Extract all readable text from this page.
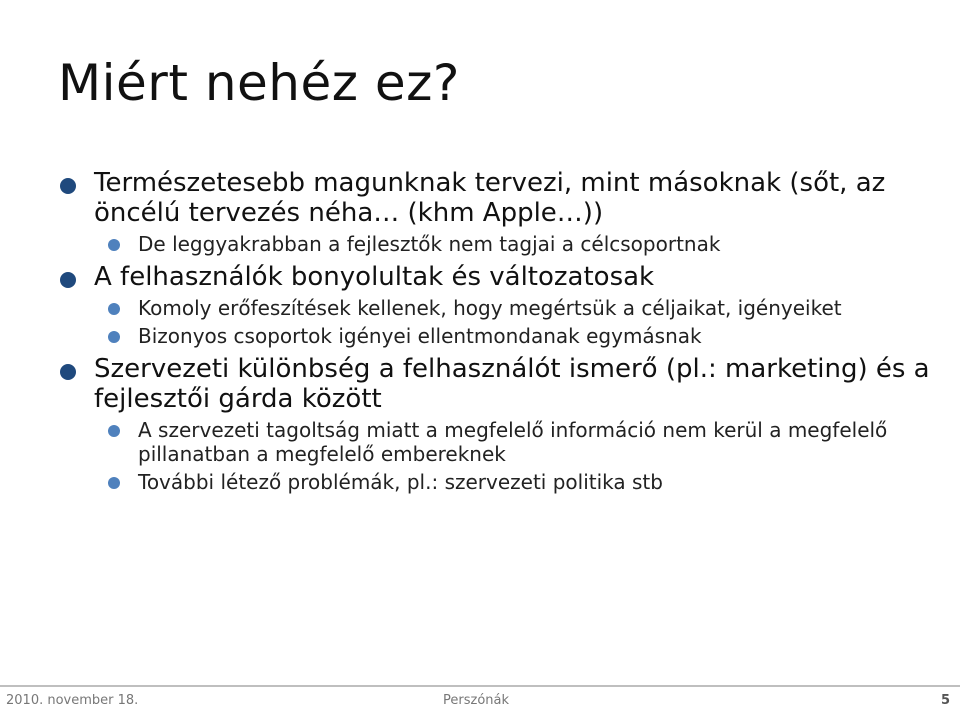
Miért nehéz ez?
Természetesebb magunknak tervezi, mint másoknak (sőt, az öncélú tervezés néha… (khm Apple…))
De leggyakrabban a fejlesztők nem tagjai a célcsoportnak
A felhasználók bonyolultak és változatosak
Komoly erőfeszítések kellenek, hogy megértsük a céljaikat, igényeiket
Bizonyos csoportok igényei ellentmondanak egymásnak
Szervezeti különbség a felhasználót ismerő (pl.: marketing) és a fejlesztői gárda között
A szervezeti tagoltság miatt a megfelelő információ nem kerül a megfelelő pillanatban a megfelelő embereknek
További létező problémák, pl.: szervezeti politika stb
2010. november 18.	Perszónák	5
